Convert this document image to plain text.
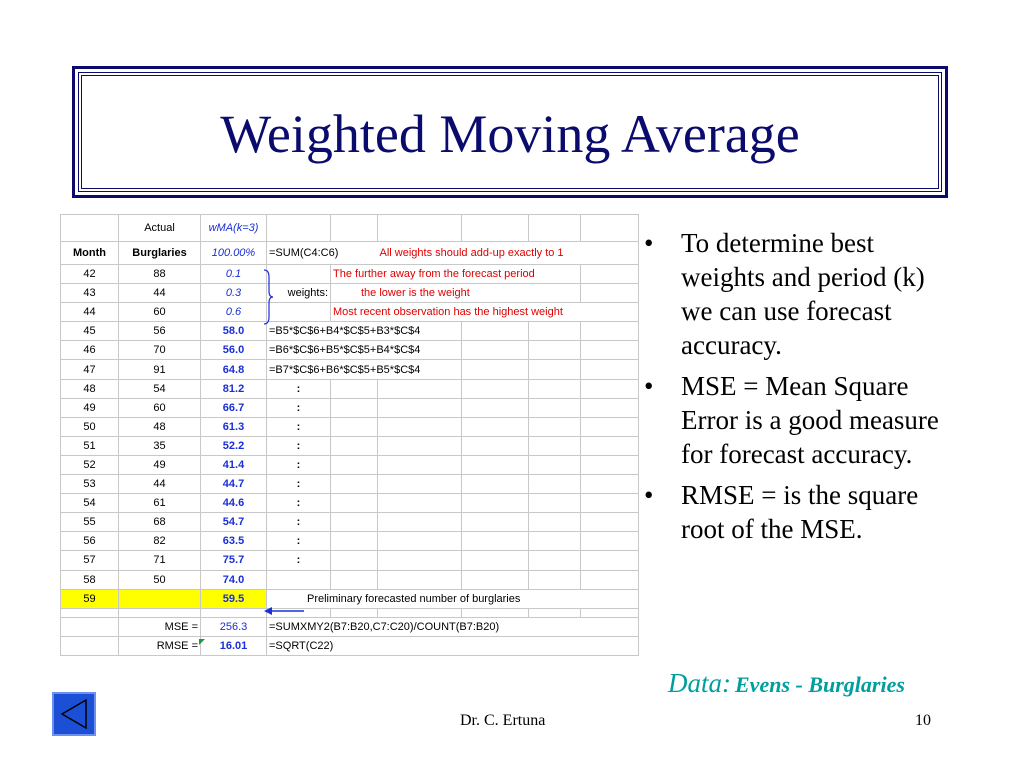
Weighted Moving Average
	Actual	wMA(k=3)						
Month	Burglaries	100.00%	=SUM(C4:C6)		All weights should add-up exactly to 1			
42	88	0.1		The further away from the forecast period				
43	44	0.3	weights:	the lower is the weight				
44	60	0.6		Most recent observation has the highest weight				
45	56	58.0	=B5*$C$6+B4*$C$5+B3*$C$4					
46	70	56.0	=B6*$C$6+B5*$C$5+B4*$C$4					
47	91	64.8	=B7*$C$6+B6*$C$5+B5*$C$4					
48	54	81.2	:					
49	60	66.7	:					
50	48	61.3	:					
51	35	52.2	:					
52	49	41.4	:					
53	44	44.7	:					
54	61	44.6	:					
55	68	54.7	:					
56	82	63.5	:					
57	71	75.7	:					
58	50	74.0						
59		59.5	Preliminary forecasted number of burglaries					

	MSE =	256.3	=SUMXMY2(B7:B20,C7:C20)/COUNT(B7:B20)					
	RMSE =	16.01	=SQRT(C22)					
• To determine best weights and period (k) we can use forecast accuracy.
• MSE = Mean Square Error is a good measure for forecast accuracy.
• RMSE = is the square root of the MSE.
Data: Evens - Burglaries
Dr. C. Ertuna	10
